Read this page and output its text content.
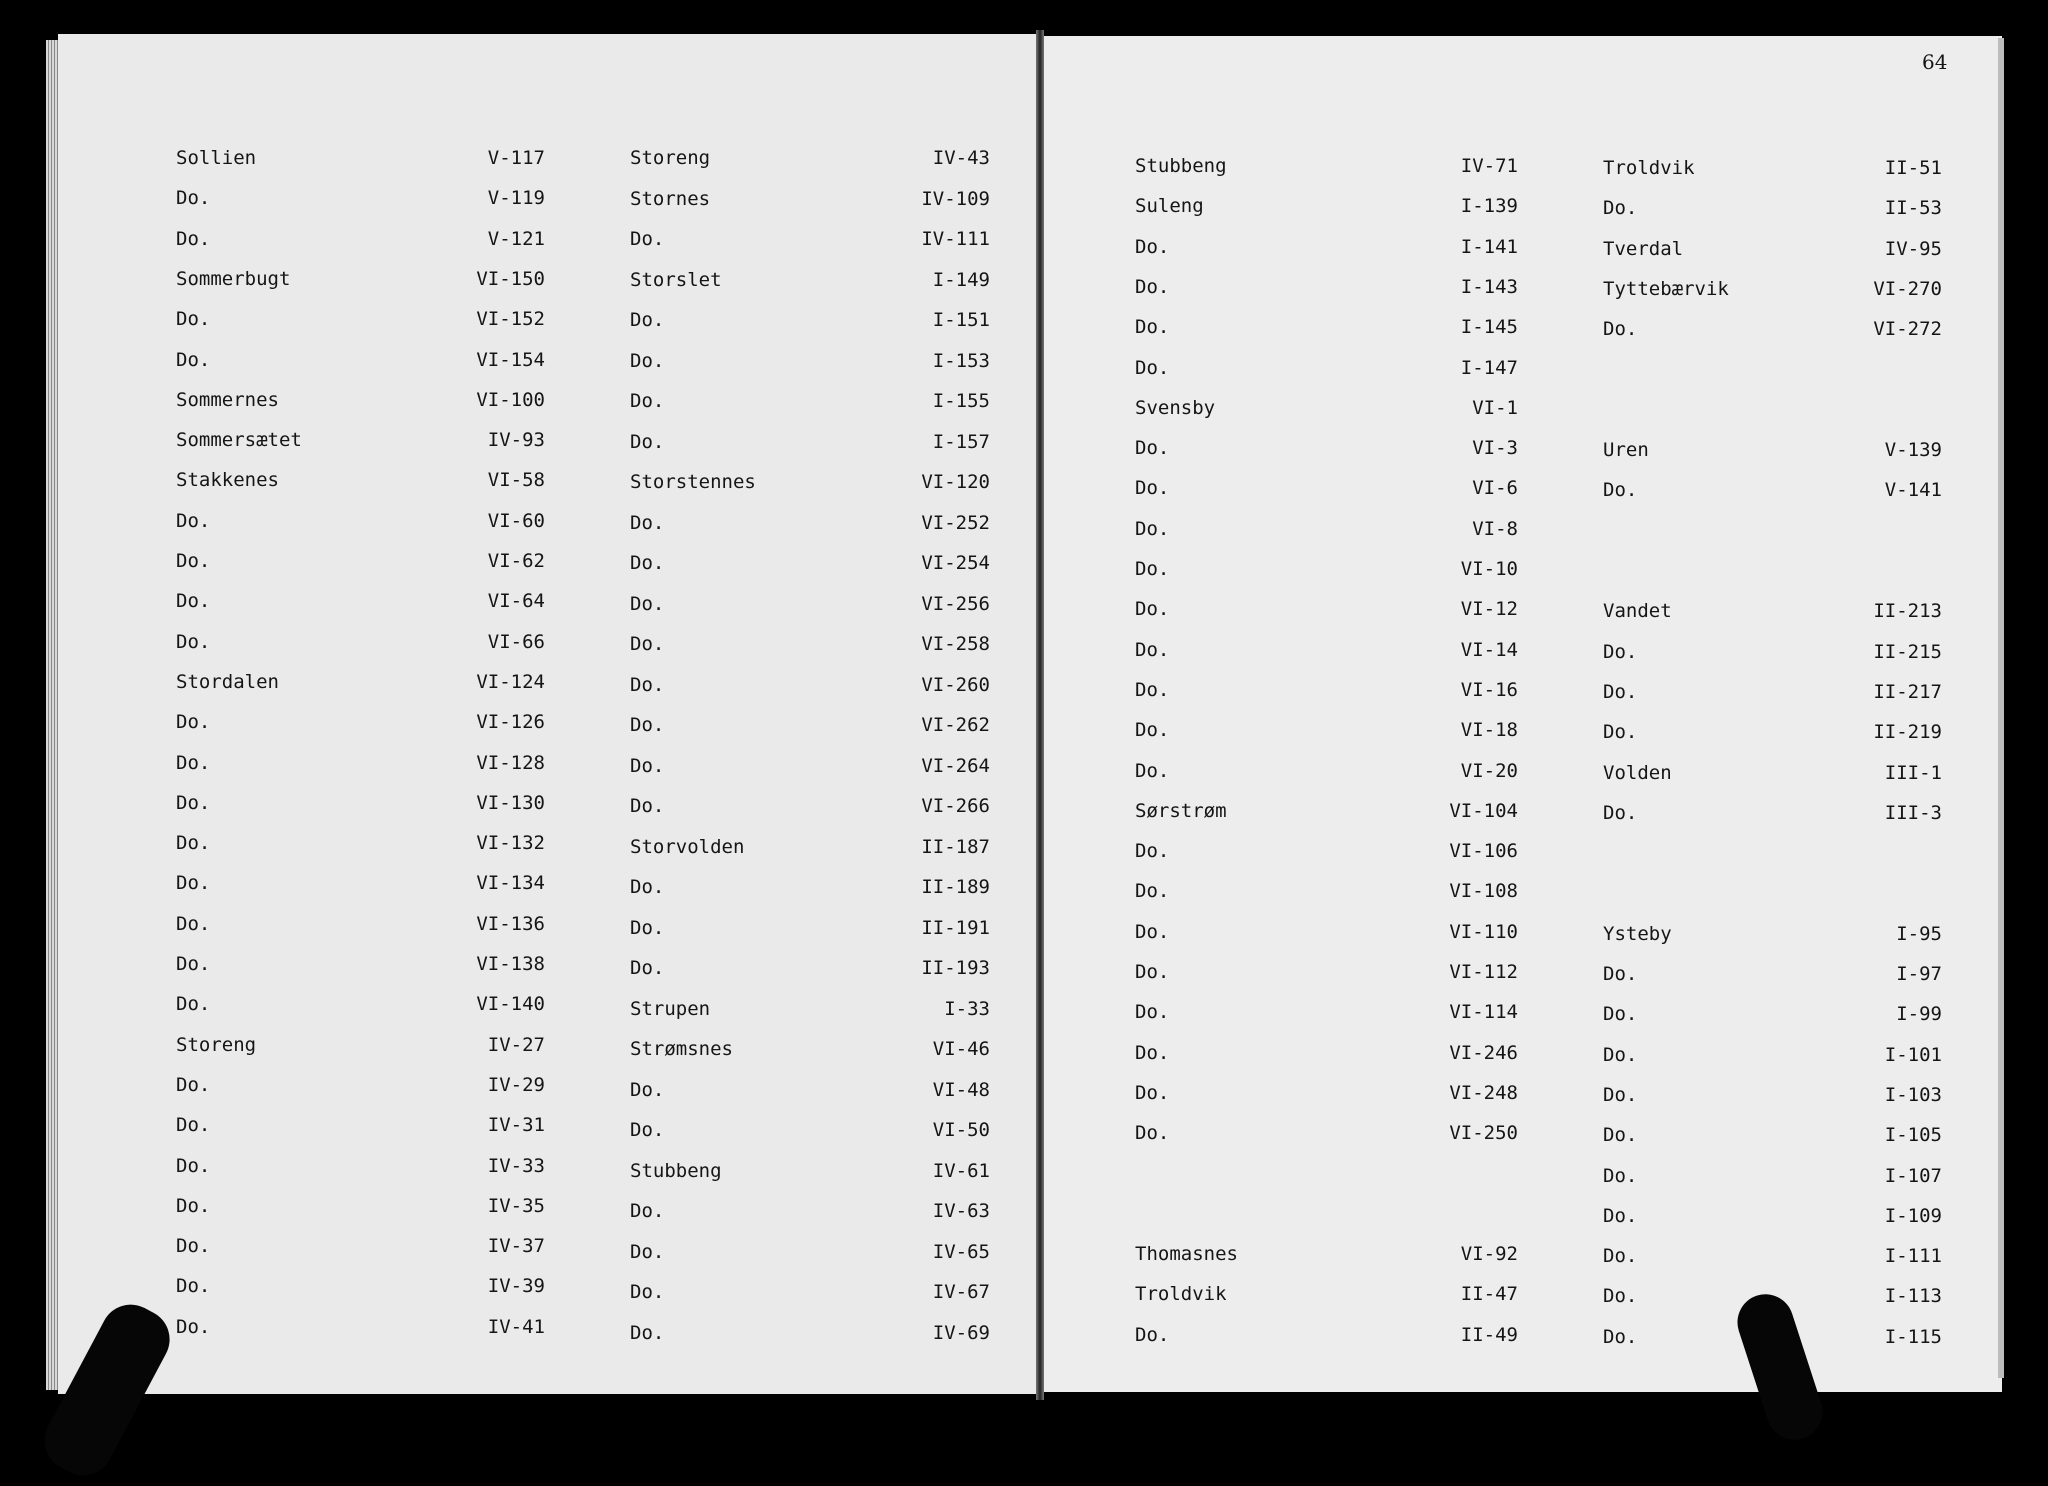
64
Sollien	V-117
Do.	V-119
Do.	V-121
Sommerbugt	VI-150
Do.	VI-152
Do.	VI-154
Sommernes	VI-100
Sommersætet	IV-93
Stakkenes	VI-58
Do.	VI-60
Do.	VI-62
Do.	VI-64
Do.	VI-66
Stordalen	VI-124
Do.	VI-126
Do.	VI-128
Do.	VI-130
Do.	VI-132
Do.	VI-134
Do.	VI-136
Do.	VI-138
Do.	VI-140
Storeng	IV-27
Do.	IV-29
Do.	IV-31
Do.	IV-33
Do.	IV-35
Do.	IV-37
Do.	IV-39
Do.	IV-41
Storeng	IV-43
Stornes	IV-109
Do.	IV-111
Storslet	I-149
Do.	I-151
Do.	I-153
Do.	I-155
Do.	I-157
Storstennes	VI-120
Do.	VI-252
Do.	VI-254
Do.	VI-256
Do.	VI-258
Do.	VI-260
Do.	VI-262
Do.	VI-264
Do.	VI-266
Storvolden	II-187
Do.	II-189
Do.	II-191
Do.	II-193
Strupen	I-33
Strømsnes	VI-46
Do.	VI-48
Do.	VI-50
Stubbeng	IV-61
Do.	IV-63
Do.	IV-65
Do.	IV-67
Do.	IV-69
Stubbeng	IV-71
Suleng	I-139
Do.	I-141
Do.	I-143
Do.	I-145
Do.	I-147
Svensby	VI-1
Do.	VI-3
Do.	VI-6
Do.	VI-8
Do.	VI-10
Do.	VI-12
Do.	VI-14
Do.	VI-16
Do.	VI-18
Do.	VI-20
Sørstrøm	VI-104
Do.	VI-106
Do.	VI-108
Do.	VI-110
Do.	VI-112
Do.	VI-114
Do.	VI-246
Do.	VI-248
Do.	VI-250
Thomasnes	VI-92
Troldvik	II-47
Do.	II-49
Troldvik	II-51
Do.	II-53
Tverdal	IV-95
Tyttebærvik	VI-270
Do.	VI-272
Uren	V-139
Do.	V-141
Vandet	II-213
Do.	II-215
Do.	II-217
Do.	II-219
Volden	III-1
Do.	III-3
Ysteby	I-95
Do.	I-97
Do.	I-99
Do.	I-101
Do.	I-103
Do.	I-105
Do.	I-107
Do.	I-109
Do.	I-111
Do.	I-113
Do.	I-115
